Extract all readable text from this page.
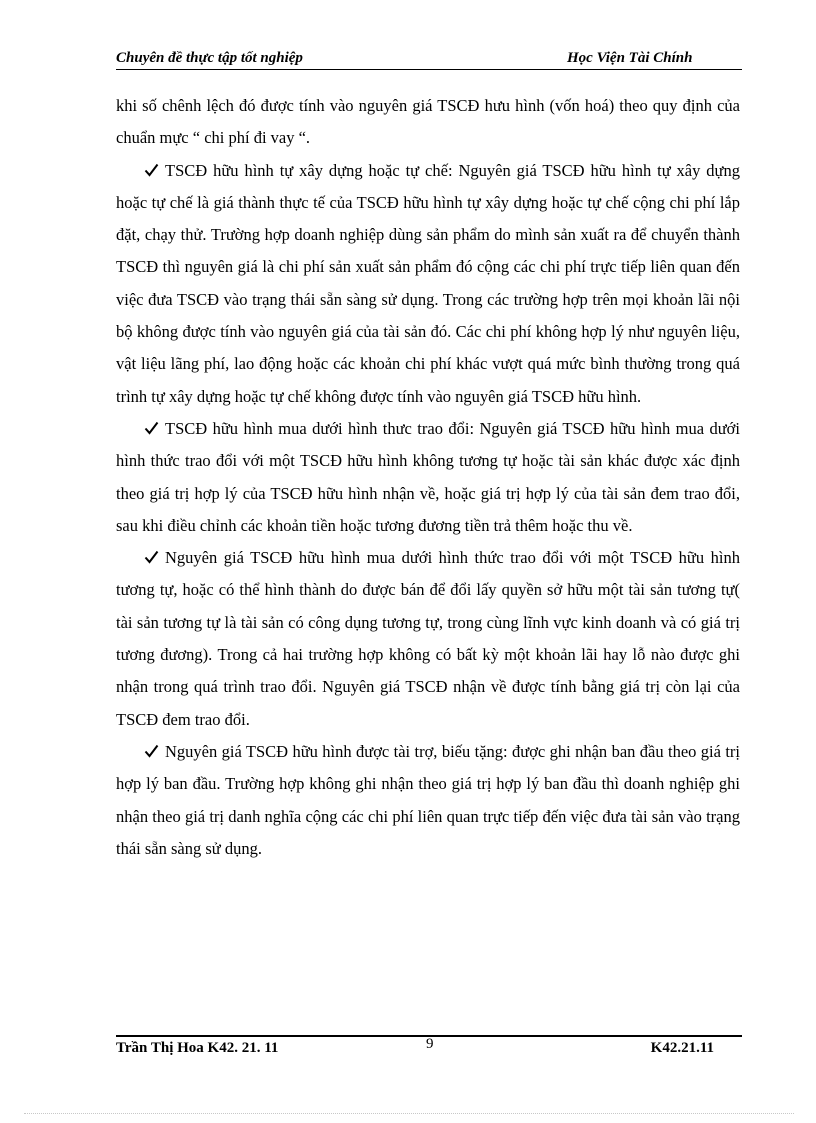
Chuyên đề thực tập tốt nghiệp	Học Viện Tài Chính

khi số chênh lệch đó được tính vào nguyên giá TSCĐ hưu hình (vốn hoá) theo quy định của chuẩn mực “ chi phí đi vay “.

TSCĐ hữu hình tự xây dựng hoặc tự chế: Nguyên giá TSCĐ hữu hình tự xây dựng hoặc tự chế là giá thành thực tế của TSCĐ hữu hình tự xây dựng hoặc tự chế cộng chi phí lắp đặt, chạy thử. Trường hợp doanh nghiệp dùng sản phẩm do mình sản xuất ra để chuyển thành TSCĐ thì nguyên giá là chi phí sản xuất sản phẩm đó cộng các chi phí trực tiếp liên quan đến việc đưa TSCĐ vào trạng thái sẵn sàng sử dụng. Trong các trường hợp trên mọi khoản lãi nội bộ không được tính vào nguyên giá của tài sản đó. Các chi phí không hợp lý như nguyên liệu, vật liệu lãng phí, lao động hoặc các khoản chi phí khác vượt quá mức bình thường trong quá trình tự xây dựng hoặc tự chế không được tính vào nguyên giá TSCĐ hữu hình.

TSCĐ hữu hình mua dưới hình thưc trao đổi: Nguyên giá TSCĐ hữu hình mua dưới hình thức trao đổi với một TSCĐ hữu hình không tương tự hoặc tài sản khác được xác định theo giá trị hợp lý của TSCĐ hữu hình nhận về, hoặc giá trị hợp lý của tài sản đem trao đổi, sau khi điều chỉnh các khoản tiền hoặc tương đương tiền trả thêm hoặc thu về.

Nguyên giá TSCĐ hữu hình mua dưới hình thức trao đổi với một TSCĐ hữu hình tương tự, hoặc có thể hình thành do được bán để đổi lấy quyền sở hữu một tài sản tương tự( tài sản tương tự là tài sản có công dụng tương tự, trong cùng lĩnh vực kinh doanh và có giá trị tương đương). Trong cả hai trường hợp không có bất kỳ một khoản lãi hay lỗ nào được ghi nhận trong quá trình trao đổi. Nguyên giá TSCĐ nhận về được tính bằng giá trị còn lại của TSCĐ đem trao đổi.

Nguyên giá TSCĐ hữu hình được tài trợ, biếu tặng: được ghi nhận ban đầu theo giá trị hợp lý ban đầu. Trường hợp không ghi nhận theo giá trị hợp lý ban đầu thì doanh nghiệp ghi nhận theo giá trị danh nghĩa cộng các chi phí liên quan trực tiếp đến việc đưa tài sản vào trạng thái sẵn sàng sử dụng.

Trần Thị Hoa K42. 21. 11	9	K42.21.11
